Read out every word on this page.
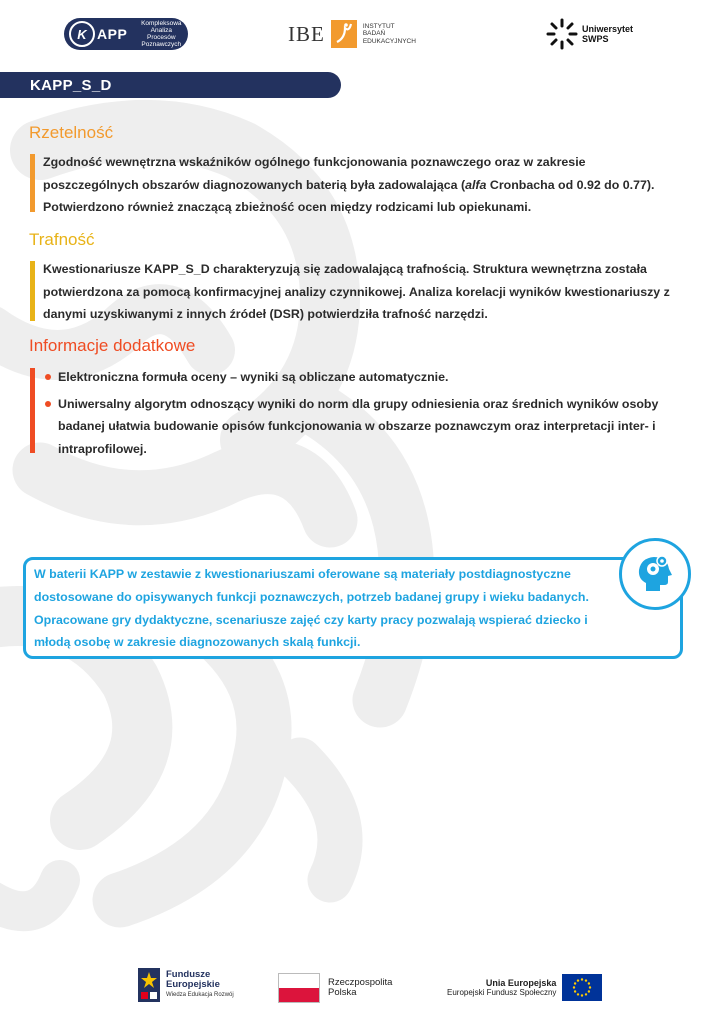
K APP
Kompleksowa
Analiza
Procesów
Poznawczych	IBE	INSTYTUT
BADAŃ
EDUKACYJNYCH
Uniwersytet
SWPS
KAPP_S_D
Rzetelność
Zgodność wewnętrzna wskaźników ogólnego funkcjonowania poznawczego oraz w zakresie poszczególnych obszarów diagnozowanych baterią była zadowalająca (alfa Cronbacha od 0.92 do 0.77). Potwierdzono również znaczącą zbieżność ocen między rodzicami lub opiekunami.
Trafność
Kwestionariusze KAPP_S_D charakteryzują się zadowalającą trafnością. Struktura wewnętrzna została potwierdzona za pomocą konfirmacyjnej analizy czynnikowej. Analiza korelacji wyników kwestionariuszy z danymi uzyskiwanymi z innych źródeł (DSR) potwierdziła trafność narzędzi.
Informacje dodatkowe
Elektroniczna formuła oceny – wyniki są obliczane automatycznie.
Uniwersalny algorytm odnoszący wyniki do norm dla grupy odniesienia oraz średnich wyników osoby badanej ułatwia budowanie opisów funkcjonowania w obszarze poznawczym oraz interpretacji inter- i intraprofilowej.
W baterii KAPP w zestawie z kwestionariuszami oferowane są materiały postdiagnostyczne dostosowane do opisywanych funkcji poznawczych, potrzeb badanej grupy i wieku badanych. Opracowane gry dydaktyczne, scenariusze zajęć czy karty pracy pozwalają wspierać dziecko i młodą osobę w zakresie diagnozowanych skalą funkcji.
Fundusze
Europejskie
Wiedza Edukacja Rozwój
Rzeczpospolita
Polska
Unia Europejska
Europejski Fundusz Społeczny
